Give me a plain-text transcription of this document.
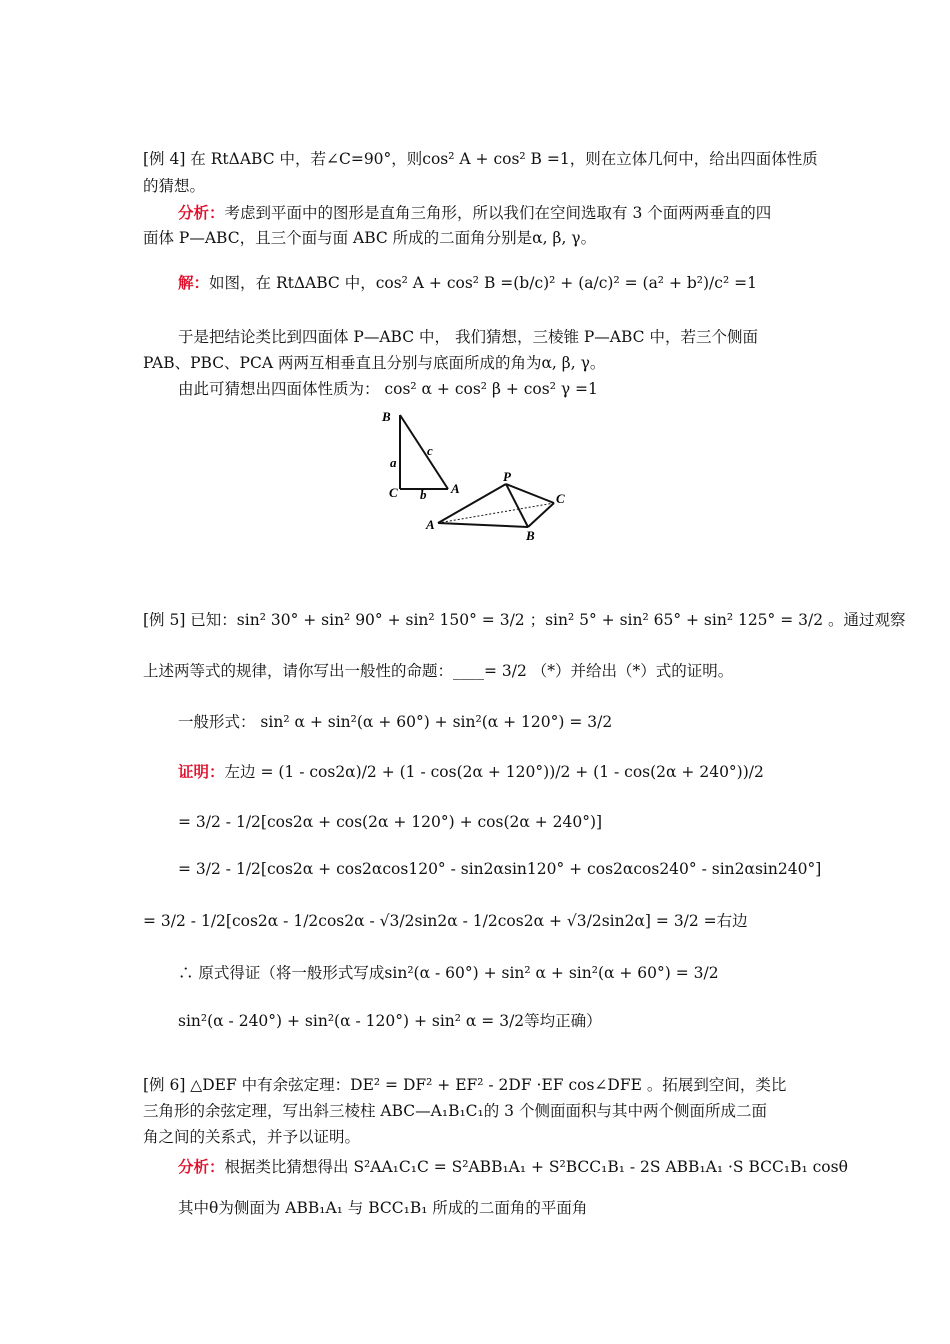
[例 4] 在 RtΔABC 中，若∠C=90°，则cos² A + cos² B =1，则在立体几何中，给出四面体性质
的猜想。
分析：考虑到平面中的图形是直角三角形，所以我们在空间选取有 3 个面两两垂直的四
面体 P—ABC，且三个面与面 ABC 所成的二面角分别是α, β, γ。
解：如图，在 RtΔABC 中，cos² A + cos² B =(b/c)² + (a/c)² = (a² + b²)/c² =1
于是把结论类比到四面体 P—ABC 中， 我们猜想，三棱锥 P—ABC 中，若三个侧面
PAB、PBC、PCA 两两互相垂直且分别与底面所成的角为α, β, γ。
由此可猜想出四面体性质为： cos² α + cos² β + cos² γ =1
B
a
c
C b A
P
C
A
B
[例 5] 已知：sin² 30° + sin² 90° + sin² 150° = 3/2 ；sin² 5° + sin² 65° + sin² 125° = 3/2 。通过观察
上述两等式的规律，请你写出一般性的命题：____= 3/2 （*）并给出（*）式的证明。
一般形式： sin² α + sin²(α + 60°) + sin²(α + 120°) = 3/2
证明：左边 = (1 - cos2α)/2 + (1 - cos(2α + 120°))/2 + (1 - cos(2α + 240°))/2
= 3/2 - 1/2[cos2α + cos(2α + 120°) + cos(2α + 240°)]
= 3/2 - 1/2[cos2α + cos2αcos120° - sin2αsin120° + cos2αcos240° - sin2αsin240°]
= 3/2 - 1/2[cos2α - 1/2cos2α - √3/2sin2α - 1/2cos2α + √3/2sin2α] = 3/2 =右边
∴ 原式得证（将一般形式写成sin²(α - 60°) + sin² α + sin²(α + 60°) = 3/2
sin²(α - 240°) + sin²(α - 120°) + sin² α = 3/2等均正确）
[例 6] △DEF 中有余弦定理：DE² = DF² + EF² - 2DF ·EF cos∠DFE 。拓展到空间，类比
三角形的余弦定理，写出斜三棱柱 ABC—A₁B₁C₁的 3 个侧面面积与其中两个侧面所成二面
角之间的关系式，并予以证明。
分析：根据类比猜想得出 S²AA₁C₁C = S²ABB₁A₁ + S²BCC₁B₁ - 2S ABB₁A₁ ·S BCC₁B₁ cosθ
其中θ为侧面为 ABB₁A₁ 与 BCC₁B₁ 所成的二面角的平面角
